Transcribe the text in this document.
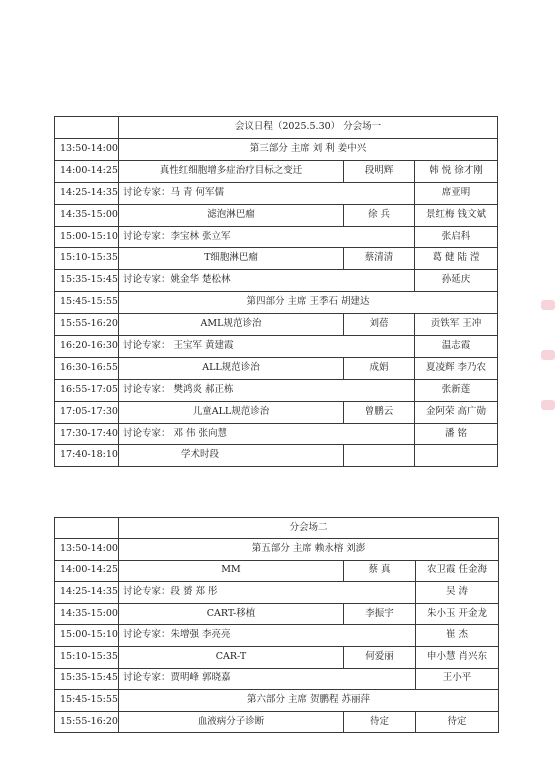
	会议日程（2025.5.30） 分会场一		
13:50-14:00	第三部分 主席 刘 利 姜中兴		
14:00-14:25	真性红细胞增多症治疗目标之变迁	段明辉	韩 悦 徐才刚
14:25-14:35	讨论专家：马 青 何军儒		席亚明
14:35-15:00	滤泡淋巴瘤	徐 兵	景红梅 钱文斌
15:00-15:10	讨论专家：李宝林 张立军		张启科
15:10-15:35	T细胞淋巴瘤	蔡清清	葛 健 陆 滢
15:35-15:45	讨论专家：姚金华 楚松林		孙延庆
15:45-15:55	第四部分 主席 王季石 胡建达		
15:55-16:20	AML规范诊治	刘蓓	贡铁军 王冲
16:20-16:30	讨论专家： 王宝军 黄建霞		温志霞
16:30-16:55	ALL规范诊治	成娟	夏凌辉 李乃农
16:55-17:05	讨论专家： 樊鸿炎 郝正栋		张新莲
17:05-17:30	儿童ALL规范诊治	曾鹏云	金阿荣 高广勋
17:30-17:40	讨论专家： 邓 伟 张向慧		潘 铭
17:40-18:10	学术时段		
	分会场二		
13:50-14:00	第五部分 主席 赖永榕 刘澎		
14:00-14:25	MM	蔡 真	农卫霞 任金海
14:25-14:35	讨论专家：段 赟 郑 彤		吴 涛
14:35-15:00	CART-移植	李振宇	朱小玉 开金龙
15:00-15:10	讨论专家：朱增强 李亮亮		崔 杰
15:10-15:35	CAR-T	何爱丽	申小慧 肖兴东
15:35-15:45	讨论专家：贾明峰 郭晓嘉		王小平
15:45-15:55	第六部分 主席 贺鹏程 苏丽萍		
15:55-16:20	血液病分子诊断	待定	待定
